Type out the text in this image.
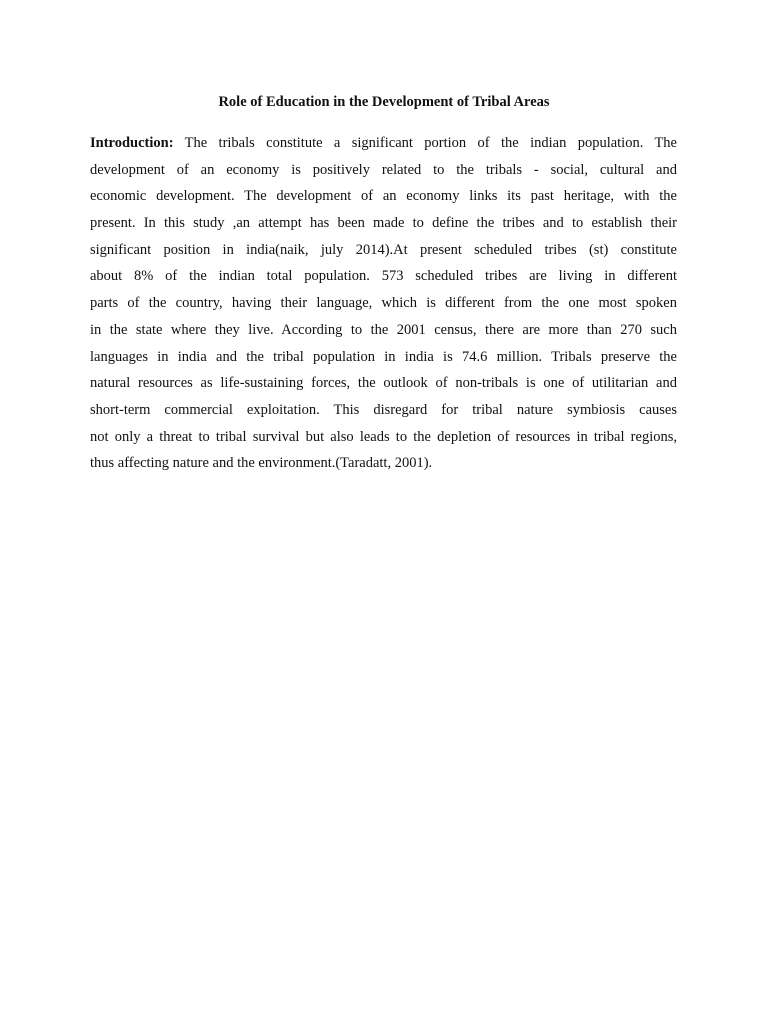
Role of Education in the Development of Tribal Areas
Introduction: The tribals constitute a significant portion of the indian population. The
development of an economy is positively related to the tribals - social, cultural and
economic development. The development of an economy links its past heritage, with the
present. In this study ,an attempt has been made to define the tribes and to establish their
significant position in india(naik, july 2014).At present scheduled tribes (st) constitute
about 8% of the indian total population. 573 scheduled tribes are living in different
parts of the country, having their language, which is different from the one most spoken
in the state where they live. According to the 2001 census, there are more than 270 such
languages in india and the tribal population in india is 74.6 million. Tribals preserve the
natural resources as life-sustaining forces, the outlook of non-tribals is one of utilitarian and
short-term commercial exploitation. This disregard for tribal nature symbiosis causes
not only a threat to tribal survival but also leads to the depletion of resources in tribal regions,
thus affecting nature and the environment.(Taradatt, 2001).
